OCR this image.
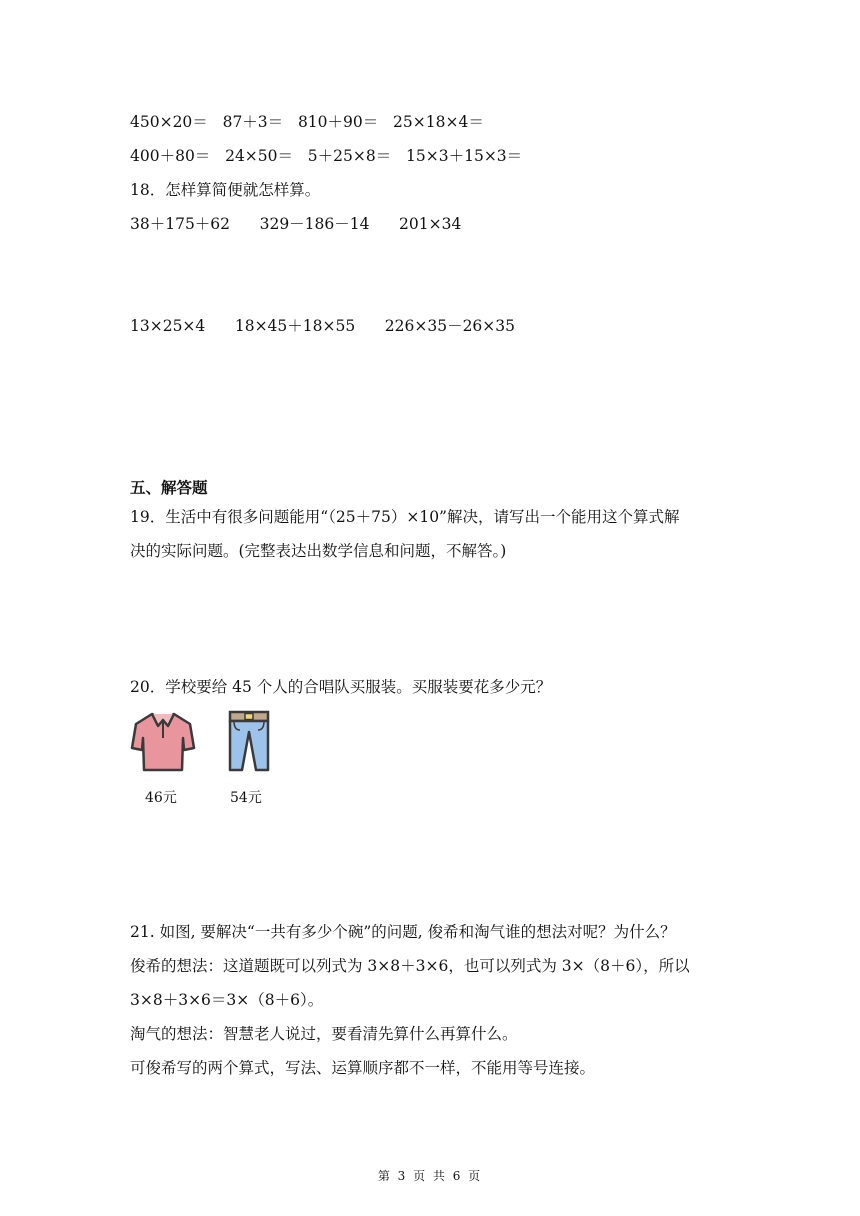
450×20＝   87＋3＝   810＋90＝   25×18×4＝
400＋80＝   24×50＝   5＋25×8＝   15×3＋15×3＝
18．怎样算简便就怎样算。
38＋175＋62      329－186－14      201×34
13×25×4      18×45＋18×55      226×35－26×35
五、解答题
19．生活中有很多问题能用“（25＋75）×10”解决，请写出一个能用这个算式解
决的实际问题。(完整表达出数学信息和问题，不解答。)
20．学校要给 45 个人的合唱队买服装。买服装要花多少元？
46元	54元
21. 如图, 要解决“一共有多少个碗”的问题, 俊希和淘气谁的想法对呢？为什么？
俊希的想法：这道题既可以列式为 3×8＋3×6，也可以列式为 3×（8＋6），所以
3×8＋3×6＝3×（8＋6）。
淘气的想法：智慧老人说过，要看清先算什么再算什么。
可俊希写的两个算式，写法、运算顺序都不一样，不能用等号连接。
第 3 页 共 6 页
